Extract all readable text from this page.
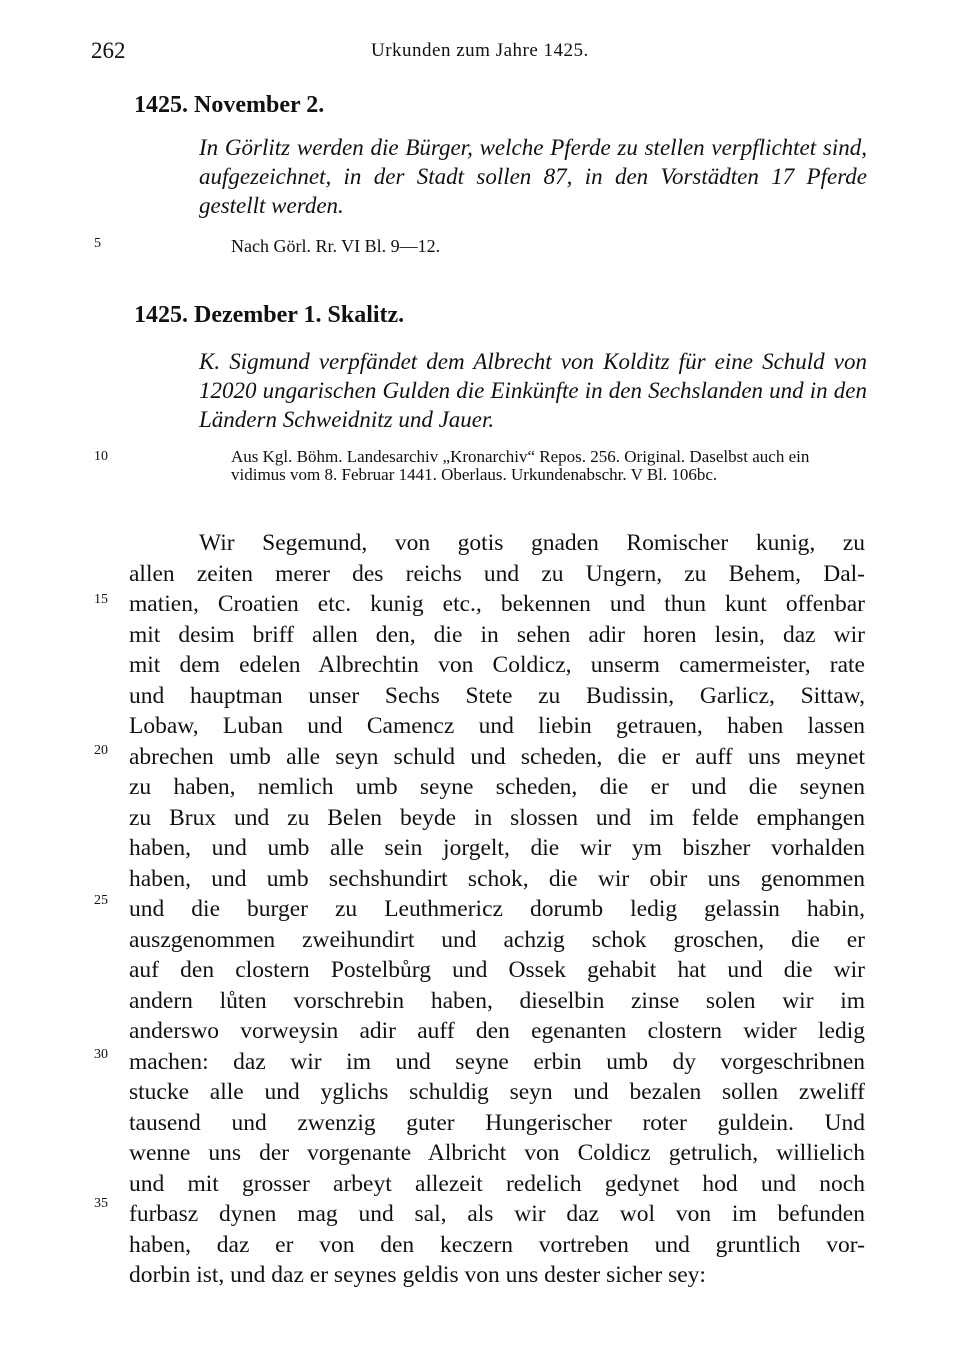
262	Urkunden zum Jahre 1425.
1425. November 2.
In Görlitz werden die Bürger, welche Pferde zu stellen verpflichtet sind, aufgezeichnet, in der Stadt sollen 87, in den Vorstädten 17 Pferde gestellt werden.
Nach Görl. Rr. VI Bl. 9—12.
1425. Dezember 1. Skalitz.
K. Sigmund verpfändet dem Albrecht von Kolditz für eine Schuld von 12020 ungarischen Gulden die Einkünfte in den Sechslanden und in den Ländern Schweidnitz und Jauer.
Aus Kgl. Böhm. Landesarchiv „Kronarchiv“ Repos. 256. Original. Daselbst auch ein vidimus vom 8. Februar 1441. Oberlaus. Urkundenabschr. V Bl. 106bc.
5
10
15
20
25
30
35
Wir Segemund, von gotis gnaden Romischer kunig, zu
allen zeiten merer des reichs und zu Ungern, zu Behem, Dal-
matien, Croatien etc. kunig etc., bekennen und thun kunt offenbar
mit desim briff allen den, die in sehen adir horen lesin, daz wir
mit dem edelen Albrechtin von Coldicz, unserm camermeister, rate
und hauptman unser Sechs Stete zu Budissin, Garlicz, Sittaw,
Lobaw, Luban und Camencz und liebin getrauen, haben lassen
abrechen umb alle seyn schuld und scheden, die er auff uns meynet
zu haben, nemlich umb seyne scheden, die er und die seynen
zu Brux und zu Belen beyde in slossen und im felde emphangen
haben, und umb alle sein jorgelt, die wir ym biszher vorhalden
haben, und umb sechshundirt schok, die wir obir uns genommen
und die burger zu Leuthmericz dorumb ledig gelassin habin,
auszgenommen zweihundirt und achzig schok groschen, die er
auf den clostern Postelbůrg und Ossek gehabit hat und die wir
andern lůten vorschrebin haben, dieselbin zinse solen wir im
anderswo vorweysin adir auff den egenanten clostern wider ledig
machen: daz wir im und seyne erbin umb dy vorgeschribnen
stucke alle und yglichs schuldig seyn und bezalen sollen zweliff
tausend und zwenzig guter Hungerischer roter guldein. Und
wenne uns der vorgenante Albricht von Coldicz getrulich, willielich
und mit grosser arbeyt allezeit redelich gedynet hod und noch
furbasz dynen mag und sal, als wir daz wol von im befunden
haben, daz er von den keczern vortreben und gruntlich vor-
dorbin ist, und daz er seynes geldis von uns dester sicher sey:
